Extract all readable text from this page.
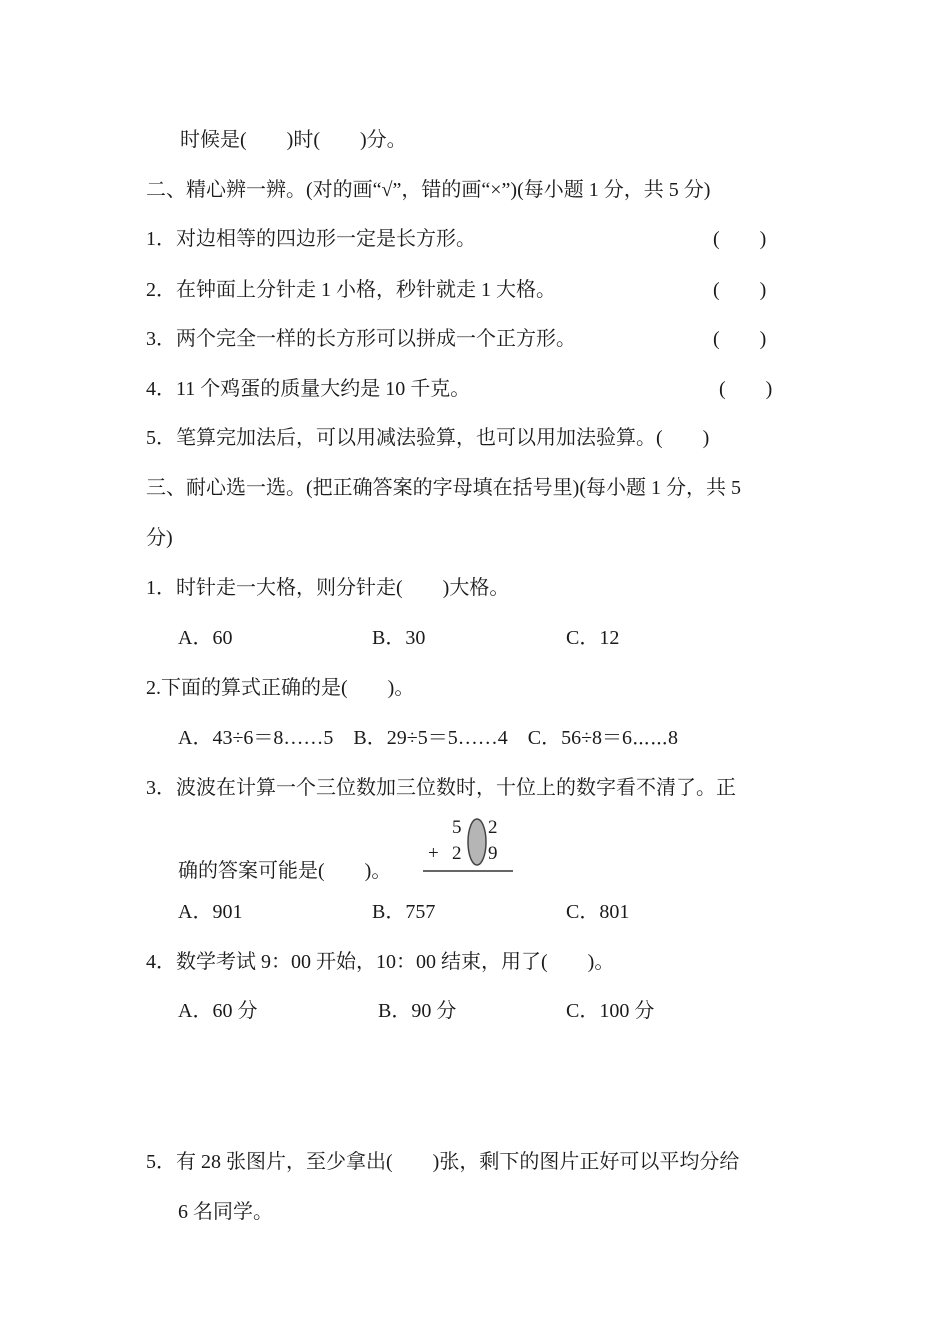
时候是(　　)时(　　)分。
二、精心辨一辨。(对的画“√”，错的画“×”)(每小题 1 分，共 5 分)
1．对边相等的四边形一定是长方形。	(　　)
2．在钟面上分针走 1 小格，秒针就走 1 大格。	(　　)
3．两个完全一样的长方形可以拼成一个正方形。	(　　)
4．11 个鸡蛋的质量大约是 10 千克。	(　　)
5．笔算完加法后，可以用减法验算，也可以用加法验算。(　　)
三、耐心选一选。(把正确答案的字母填在括号里)(每小题 1 分，共 5
分)
1．时针走一大格，则分针走(　　)大格。
A．60	B．30	C．12
2.下面的算式正确的是(　　)。
A．43÷6＝8……5　B．29÷5＝5……4　C．56÷8＝6⋯⋯8
3．波波在计算一个三位数加三位数时，十位上的数字看不清了。正
5 2
+ 2 9
确的答案可能是(　　)。
A．901	B．757	C．801
4．数学考试 9：00 开始，10：00 结束，用了(　　)。
A．60 分	B．90 分	C．100 分
5．有 28 张图片，至少拿出(　　)张，剩下的图片正好可以平均分给
6 名同学。
